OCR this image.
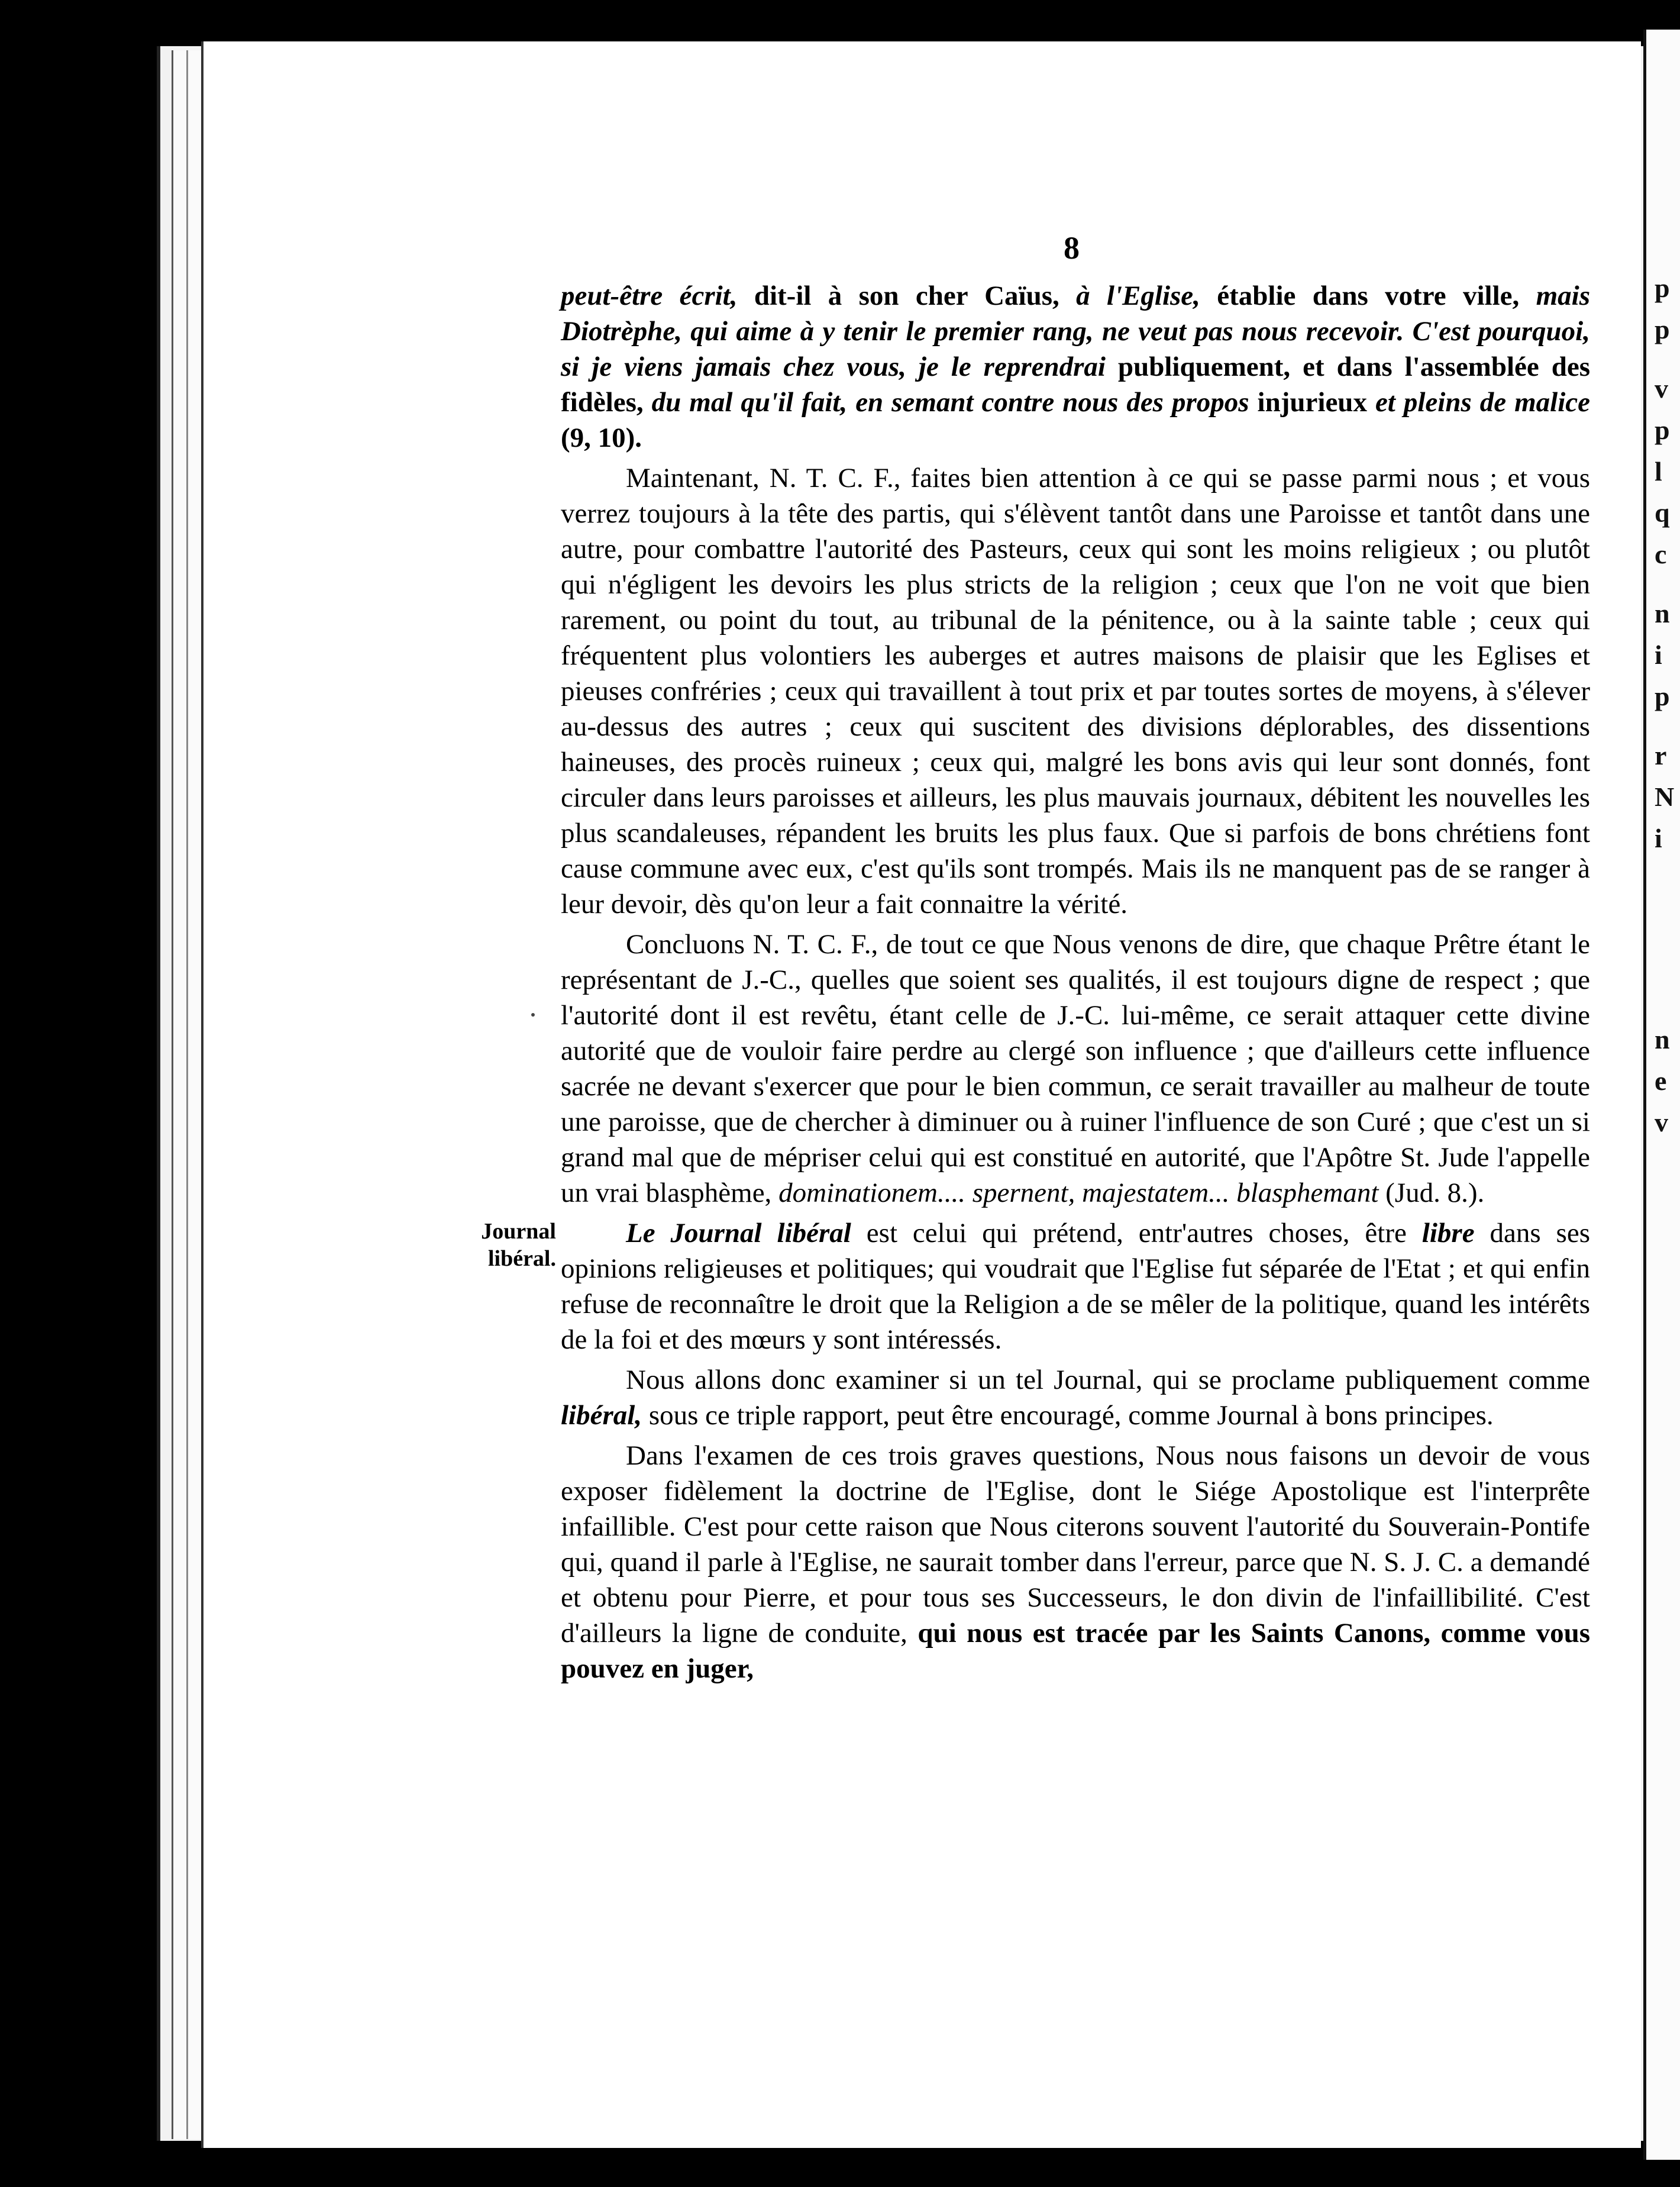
p
p
v
p
l
q
c
n
i
p
r
N
i
n
e
v
8
Journal
libéral.

peut-être écrit, dit-il à son cher Caïus, à l'Eglise, établie dans votre ville, mais Diotrèphe, qui aime à y tenir le premier rang, ne veut pas nous recevoir. C'est pourquoi, si je viens jamais chez vous, je le reprendrai publiquement, et dans l'assemblée des fidèles, du mal qu'il fait, en semant contre nous des propos injurieux et pleins de malice (9, 10).

Maintenant, N. T. C. F., faites bien attention à ce qui se passe parmi nous ; et vous verrez toujours à la tête des partis, qui s'élèvent tantôt dans une Paroisse et tantôt dans une autre, pour combattre l'autorité des Pasteurs, ceux qui sont les moins religieux ; ou plutôt qui n'égligent les devoirs les plus stricts de la religion ; ceux que l'on ne voit que bien rarement, ou point du tout, au tribunal de la pénitence, ou à la sainte table ; ceux qui fréquentent plus volontiers les auberges et autres maisons de plaisir que les Eglises et pieuses confréries ; ceux qui travaillent à tout prix et par toutes sortes de moyens, à s'élever au-dessus des autres ; ceux qui suscitent des divisions déplorables, des dissentions haineuses, des procès ruineux ; ceux qui, malgré les bons avis qui leur sont donnés, font circuler dans leurs paroisses et ailleurs, les plus mauvais journaux, débitent les nouvelles les plus scandaleuses, répandent les bruits les plus faux. Que si parfois de bons chrétiens font cause commune avec eux, c'est qu'ils sont trompés. Mais ils ne manquent pas de se ranger à leur devoir, dès qu'on leur a fait connaitre la vérité.

Concluons N. T. C. F., de tout ce que Nous venons de dire, que chaque Prêtre étant le représentant de J.-C., quelles que soient ses qualités, il est toujours digne de respect ; que l'autorité dont il est revêtu, étant celle de J.-C. lui-même, ce serait attaquer cette divine autorité que de vouloir faire perdre au clergé son influence ; que d'ailleurs cette influence sacrée ne devant s'exercer que pour le bien commun, ce serait travailler au malheur de toute une paroisse, que de chercher à diminuer ou à ruiner l'influence de son Curé ; que c'est un si grand mal que de mépriser celui qui est constitué en autorité, que l'Apôtre St. Jude l'appelle un vrai blasphème, dominationem.... spernent, majestatem... blasphemant (Jud. 8.).

Le Journal libéral est celui qui prétend, entr'autres choses, être libre dans ses opinions religieuses et politiques; qui voudrait que l'Eglise fut séparée de l'Etat ; et qui enfin refuse de reconnaître le droit que la Religion a de se mêler de la politique, quand les intérêts de la foi et des mœurs y sont intéressés.

Nous allons donc examiner si un tel Journal, qui se proclame publiquement comme libéral, sous ce triple rapport, peut être encouragé, comme Journal à bons principes.

Dans l'examen de ces trois graves questions, Nous nous faisons un devoir de vous exposer fidèlement la doctrine de l'Eglise, dont le Siége Apostolique est l'interprête infaillible. C'est pour cette raison que Nous citerons souvent l'autorité du Souverain-Pontife qui, quand il parle à l'Eglise, ne saurait tomber dans l'erreur, parce que N. S. J. C. a demandé et obtenu pour Pierre, et pour tous ses Successeurs, le don divin de l'infaillibilité. C'est d'ailleurs la ligne de conduite, qui nous est tracée par les Saints Canons, comme vous pouvez en juger,
